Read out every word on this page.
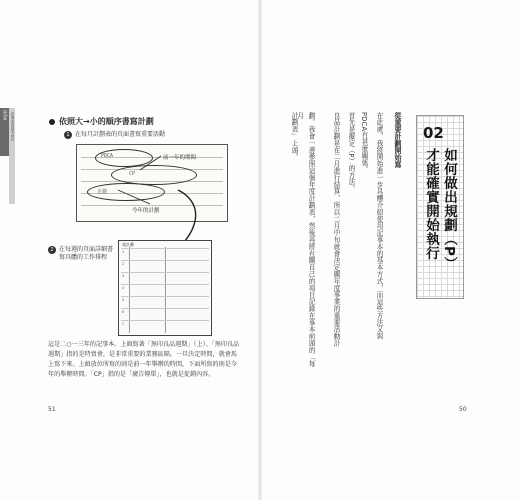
第1章 記事本的基本用法	依照大→小的順序書寫計劃
1 在每月計劃表的頁面書寫重要活動
PDCA
CP
企劃
前一年的期間
今年的計劃
2 在每週的頁面詳細書寫具體的工作排程
週計劃
1
2
3
4
5
6
7
這是二○一三年的記事本。上頭寫著「無印良品週期」（上）、「無印良品週期」指的是特賣會，是非常重要的業務區隔。一旦決定時間，就會馬上寫下來。上頭放位所寫的則是前一年舉辦的時間，下面所寫的則是今年的舉辦時間。「CP」指的是「廣告傳單」，也就是促銷內容。
51
02
如何做出規劃（P）
才能確實開始執行
從重要計劃開始寫
在此處，我將開始進一步具體介紹使用記事本的基本方式，而這些方法又與
PDCA有甚麼關係。
首先是擬定（P）的方法。
良品計劃是在二月進行結算，所以二月中旬就會決定關年度事業的重要活動計
劃。我會一邊參照這個年度計劃表，然後再將有關自己的項目記錄在事本前頭的「每月
計劃表」上頭。
50
